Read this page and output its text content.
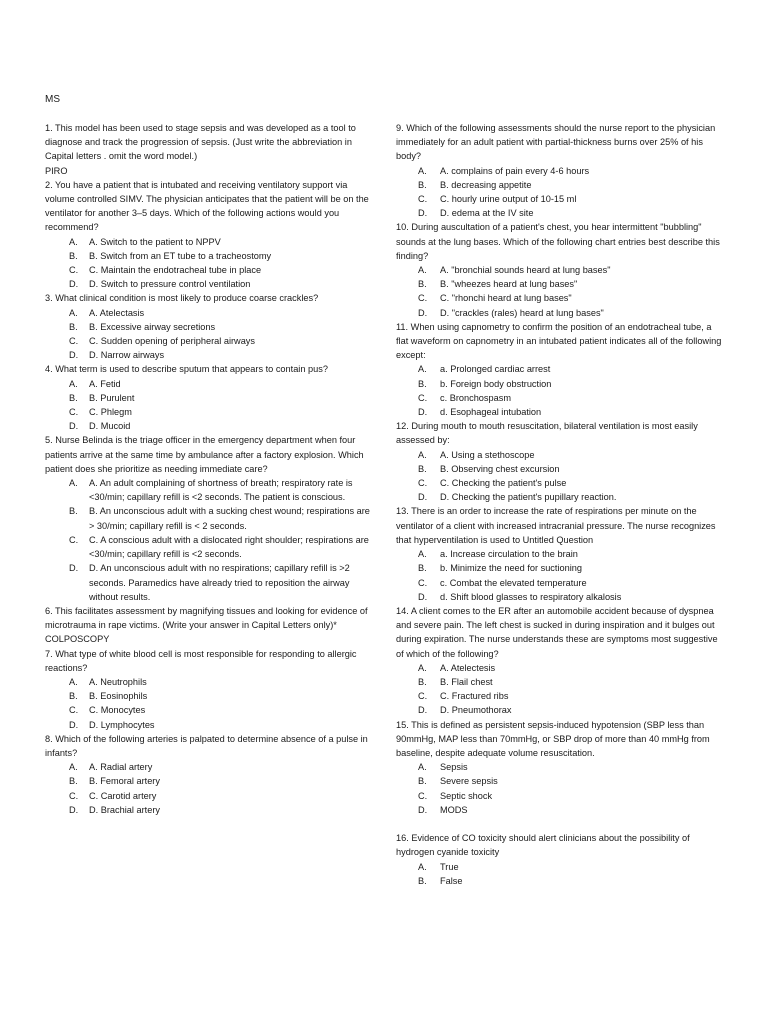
MS

1. This model has been used to stage sepsis and was developed as a tool to diagnose and track the progression of sepsis. (Just write the abbreviation in Capital letters . omit the word model.)

PIRO

2. You have a patient that is intubated and receiving ventilatory support via volume controlled SIMV. The physician anticipates that the patient will be on the ventilator for another 3–5 days. Which of the following actions would you recommend?

A.	A. Switch to the patient to NPPV
B.	B. Switch from an ET tube to a tracheostomy
C.	C. Maintain the endotracheal tube in place
D.	D. Switch to pressure control ventilation

3. What clinical condition is most likely to produce coarse crackles?

A.	A. Atelectasis
B.	B. Excessive airway secretions
C.	C. Sudden opening of peripheral airways
D.	D. Narrow airways

4. What term is used to describe sputum that appears to contain pus?

A.	A. Fetid
B.	B. Purulent
C.	C. Phlegm
D.	D. Mucoid

5. Nurse Belinda is the triage officer in the emergency department when four patients arrive at the same time by ambulance after a factory explosion. Which patient does she prioritize as needing immediate care?

A.	A. An adult complaining of shortness of breath; respiratory rate is <30/min; capillary refill is <2 seconds. The patient is conscious.
B.	B. An unconscious adult with a sucking chest wound; respirations are > 30/min; capillary refill is < 2 seconds.
C.	C. A conscious adult with a dislocated right shoulder; respirations are <30/min; capillary refill is <2 seconds.
D.	D. An unconscious adult with no respirations; capillary refill is >2 seconds. Paramedics have already tried to reposition the airway without results.

6. This facilitates assessment by magnifying tissues and looking for evidence of microtrauma in rape victims. (Write your answer in Capital Letters only)*

COLPOSCOPY

7. What type of white blood cell is most responsible for responding to allergic reactions?

A.	A. Neutrophils
B.	B. Eosinophils
C.	C. Monocytes
D.	D. Lymphocytes

8. Which of the following arteries is palpated to determine absence of a pulse in infants?

A.	A. Radial artery
B.	B. Femoral artery
C.	C. Carotid artery
D.	D. Brachial artery

9. Which of the following assessments should the nurse report to the physician immediately for an adult patient with partial-thickness burns over 25% of his body?

A.	A. complains of pain every 4-6 hours
B.	B. decreasing appetite
C.	C. hourly urine output of 10-15 ml
D.	D. edema at the IV site

10. During auscultation of a patient's chest, you hear intermittent "bubbling" sounds at the lung bases. Which of the following chart entries best describe this finding?

A.	A. "bronchial sounds heard at lung bases"
B.	B. "wheezes heard at lung bases"
C.	C. "rhonchi heard at lung bases"
D.	D. "crackles (rales) heard at lung bases"

11. When using capnometry to confirm the position of an endotracheal tube, a flat waveform on capnometry in an intubated patient indicates all of the following except:

A.	a. Prolonged cardiac arrest
B.	b. Foreign body obstruction
C.	c. Bronchospasm
D.	d. Esophageal intubation

12. During mouth to mouth resuscitation, bilateral ventilation is most easily assessed by:

A.	A. Using a stethoscope
B.	B. Observing chest excursion
C.	C. Checking the patient's pulse
D.	D. Checking the patient's pupillary reaction.

13. There is an order to increase the rate of respirations per minute on the ventilator of a client with increased intracranial pressure. The nurse recognizes that hyperventilation is used to Untitled Question

A.	a. Increase circulation to the brain
B.	b. Minimize the need for suctioning
C.	c. Combat the elevated temperature
D.	d. Shift blood glasses to respiratory alkalosis

14. A client comes to the ER after an automobile accident because of dyspnea and severe pain. The left chest is sucked in during inspiration and it bulges out during expiration. The nurse understands these are symptoms most suggestive of which of the following?

A.	A. Atelectesis
B.	B. Flail chest
C.	C. Fractured ribs
D.	D. Pneumothorax

15. This is defined as persistent sepsis-induced hypotension (SBP less than 90mmHg, MAP less than 70mmHg, or SBP drop of more than 40 mmHg from baseline, despite adequate volume resuscitation.

A.	Sepsis
B.	Severe sepsis
C.	Septic shock
D.	MODS

16. Evidence of CO toxicity should alert clinicians about the possibility of hydrogen cyanide toxicity

A.	True
B.	False
